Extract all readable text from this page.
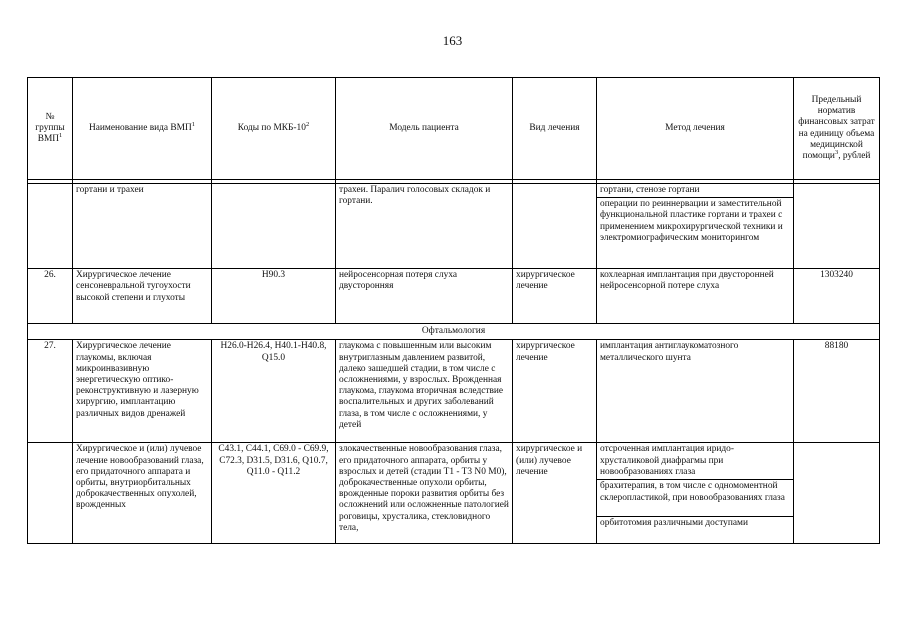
163
№ группы ВМП$^1$	Наименование вида ВМП$^1$	Коды по МКБ-$10^2$	Модель пациента	Вид лечения	Метод лечения	Предельный норматив финансовых затрат на единицу объема медицинской помощи$^3$, рублей

	гортани и трахеи		трахеи. Паралич голосовых складок и гортани.		гортани, стенозе гортани	
					операции по реиннервации и заместительной функциональной пластике гортани и трахеи с применением микрохирургической техники и электромиографическим мониторингом	
26.	Хирургическое лечение сенсоневральной тугоухости высокой степени и глухоты	H90.3	нейросенсорная потеря слуха двусторонняя	хирургическое лечение	кохлеарная имплантация при двусторонней нейросенсорной потере слуха	1303240
Офтальмология						
27.	Хирургическое лечение глаукомы, включая микроинвазивную энергетическую оптико-реконструктивную и лазерную хирургию, имплантацию различных видов дренажей	H26.0-H26.4, H40.1-H40.8, Q15.0	глаукома с повышенным или высоким внутриглазным давлением развитой, далеко зашедшей стадии, в том числе с осложнениями, у взрослых. Врожденная глаукома, глаукома вторичная вследствие воспалительных и других заболеваний глаза, в том числе с осложнениями, у детей	хирургическое лечение	имплантация антиглаукоматозного металлического шунта	88180
	Хирургическое и (или) лучевое лечение новообразований глаза, его придаточного аппарата и орбиты, внутриорбитальных доброкачественных опухолей, врожденных	C43.1, C44.1, C69.0 - C69.9, C72.3, D31.5, D31.6, Q10.7, Q11.0 - Q11.2	злокачественные новообразования глаза, его придаточного аппарата, орбиты у взрослых и детей (стадии T1 - T3 N0 M0), доброкачественные опухоли орбиты, врожденные пороки развития орбиты без осложнений или осложненные патологией роговицы, хрусталика, стекловидного тела,	хирургическое и (или) лучевое лечение	отсроченная имплантация иридо-хрусталиковой диафрагмы при новообразованиях глаза	
					брахитерапия, в том числе с одномоментной склеропластикой, при новообразованиях глаза	
					орбитотомия различными доступами	
